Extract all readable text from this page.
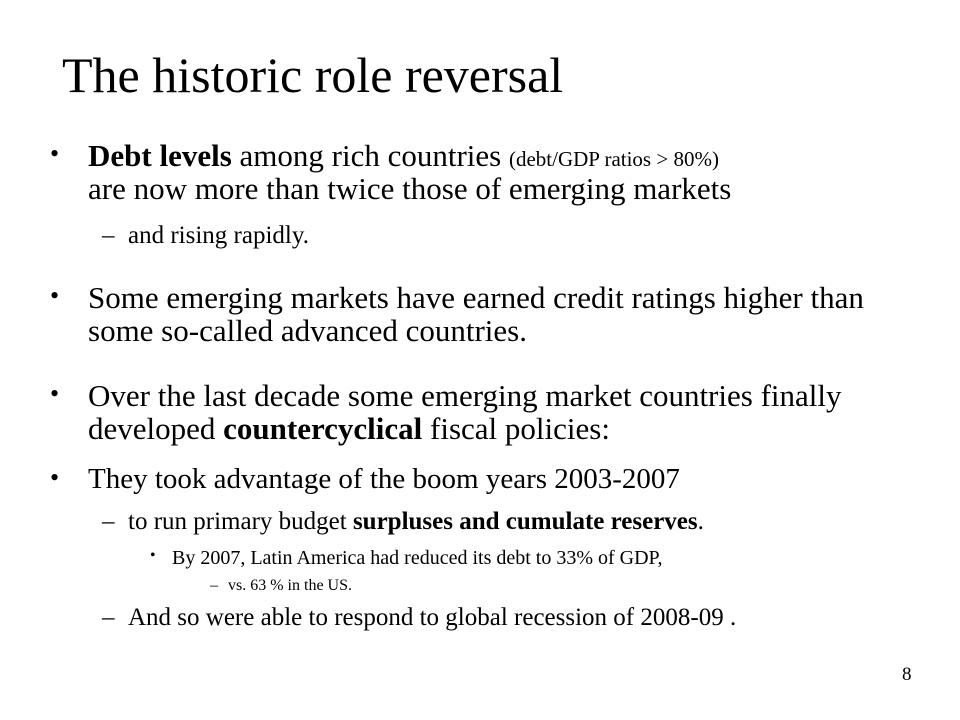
The historic role reversal
• Debt levels among rich countries (debt/GDP ratios > 80%)
are now more than twice those of emerging markets
– and rising rapidly.
• Some emerging markets have earned credit ratings higher than some so-called advanced countries.
• Over the last decade some emerging market countries finally developed countercyclical fiscal policies:
• They took advantage of the boom years 2003-2007
– to run primary budget surpluses and cumulate reserves.
• By 2007, Latin America had reduced its debt to 33% of GDP,
– vs. 63 % in the US.
– And so were able to respond to global recession of 2008-09 .
8
